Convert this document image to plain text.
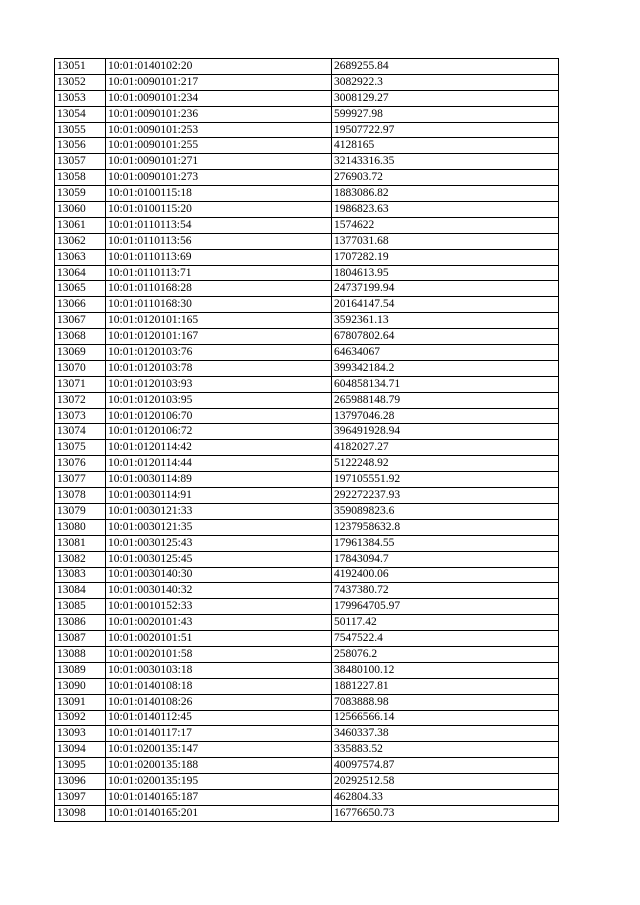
13051	10:01:0140102:20	2689255.84
13052	10:01:0090101:217	3082922.3
13053	10:01:0090101:234	3008129.27
13054	10:01:0090101:236	599927.98
13055	10:01:0090101:253	19507722.97
13056	10:01:0090101:255	4128165
13057	10:01:0090101:271	32143316.35
13058	10:01:0090101:273	276903.72
13059	10:01:0100115:18	1883086.82
13060	10:01:0100115:20	1986823.63
13061	10:01:0110113:54	1574622
13062	10:01:0110113:56	1377031.68
13063	10:01:0110113:69	1707282.19
13064	10:01:0110113:71	1804613.95
13065	10:01:0110168:28	24737199.94
13066	10:01:0110168:30	20164147.54
13067	10:01:0120101:165	3592361.13
13068	10:01:0120101:167	67807802.64
13069	10:01:0120103:76	64634067
13070	10:01:0120103:78	399342184.2
13071	10:01:0120103:93	604858134.71
13072	10:01:0120103:95	265988148.79
13073	10:01:0120106:70	13797046.28
13074	10:01:0120106:72	396491928.94
13075	10:01:0120114:42	4182027.27
13076	10:01:0120114:44	5122248.92
13077	10:01:0030114:89	197105551.92
13078	10:01:0030114:91	292272237.93
13079	10:01:0030121:33	359089823.6
13080	10:01:0030121:35	1237958632.8
13081	10:01:0030125:43	17961384.55
13082	10:01:0030125:45	17843094.7
13083	10:01:0030140:30	4192400.06
13084	10:01:0030140:32	7437380.72
13085	10:01:0010152:33	179964705.97
13086	10:01:0020101:43	50117.42
13087	10:01:0020101:51	7547522.4
13088	10:01:0020101:58	258076.2
13089	10:01:0030103:18	38480100.12
13090	10:01:0140108:18	1881227.81
13091	10:01:0140108:26	7083888.98
13092	10:01:0140112:45	12566566.14
13093	10:01:0140117:17	3460337.38
13094	10:01:0200135:147	335883.52
13095	10:01:0200135:188	40097574.87
13096	10:01:0200135:195	20292512.58
13097	10:01:0140165:187	462804.33
13098	10:01:0140165:201	16776650.73
